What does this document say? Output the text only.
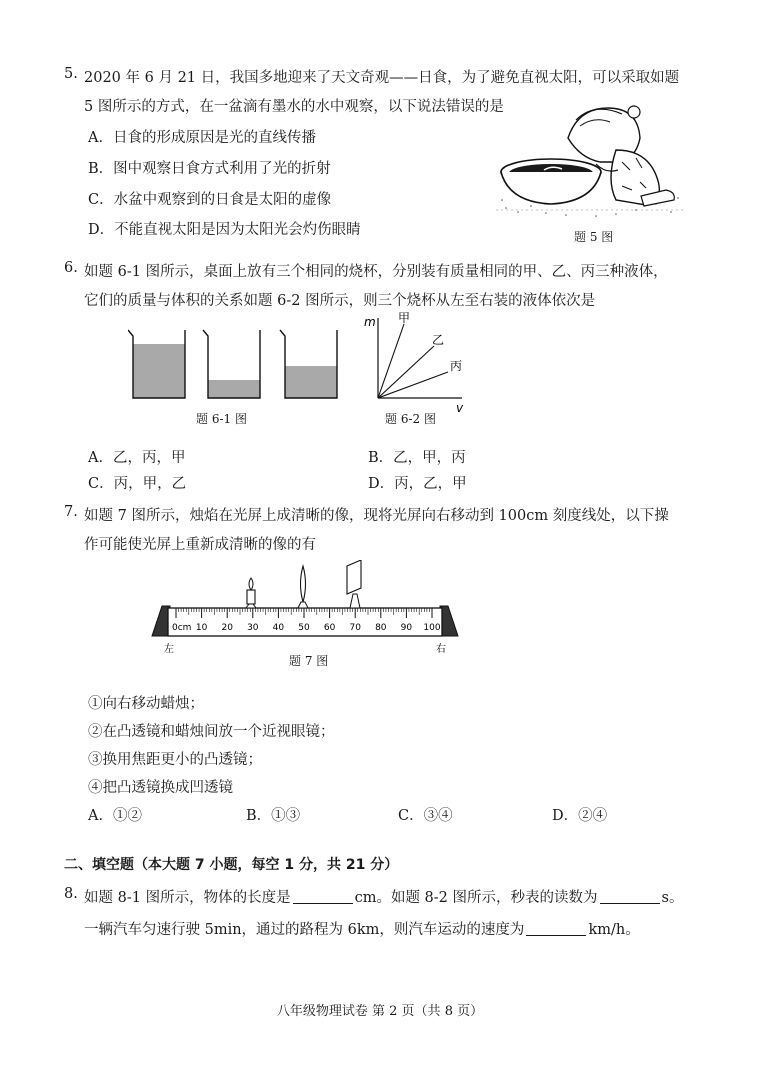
5. 2020 年 6 月 21 日，我国多地迎来了天文奇观——日食，为了避免直视太阳，可以采取如题
5 图所示的方式，在一盆滴有墨水的水中观察，以下说法错误的是
A．日食的形成原因是光的直线传播
B．图中观察日食方式利用了光的折射
C．水盆中观察到的日食是太阳的虚像
D．不能直视太阳是因为太阳光会灼伤眼睛	题 5 图
6. 如题 6-1 图所示，桌面上放有三个相同的烧杯，分别装有质量相同的甲、乙、丙三种液体，
它们的质量与体积的关系如题 6-2 图所示，则三个烧杯从左至右装的液体依次是
题 6-1 图
m
v
甲
乙
丙
题 6-2 图
A．乙，丙，甲	B．乙，甲，丙
C．丙，甲，乙	D．丙，乙，甲
7. 如题 7 图所示，烛焰在光屏上成清晰的像，现将光屏向右移动到 100cm 刻度线处，以下操
作可能使光屏上重新成清晰的像的有
0cm 10 20 30 40 50 60 70 80 90 100
左	右
题 7 图
①向右移动蜡烛；
②在凸透镜和蜡烛间放一个近视眼镜；
③换用焦距更小的凸透镜；
④把凸透镜换成凹透镜
A．①②	B．①③	C．③④	D．②④
二、填空题（本大题 7 小题，每空 1 分，共 21 分）
8. 如题 8-1 图所示，物体的长度是	cm。如题 8-2 图所示，秒表的读数为	s。
一辆汽车匀速行驶 5min，通过的路程为 6km，则汽车运动的速度为	km/h。
八年级物理试卷 第 2 页（共 8 页）
